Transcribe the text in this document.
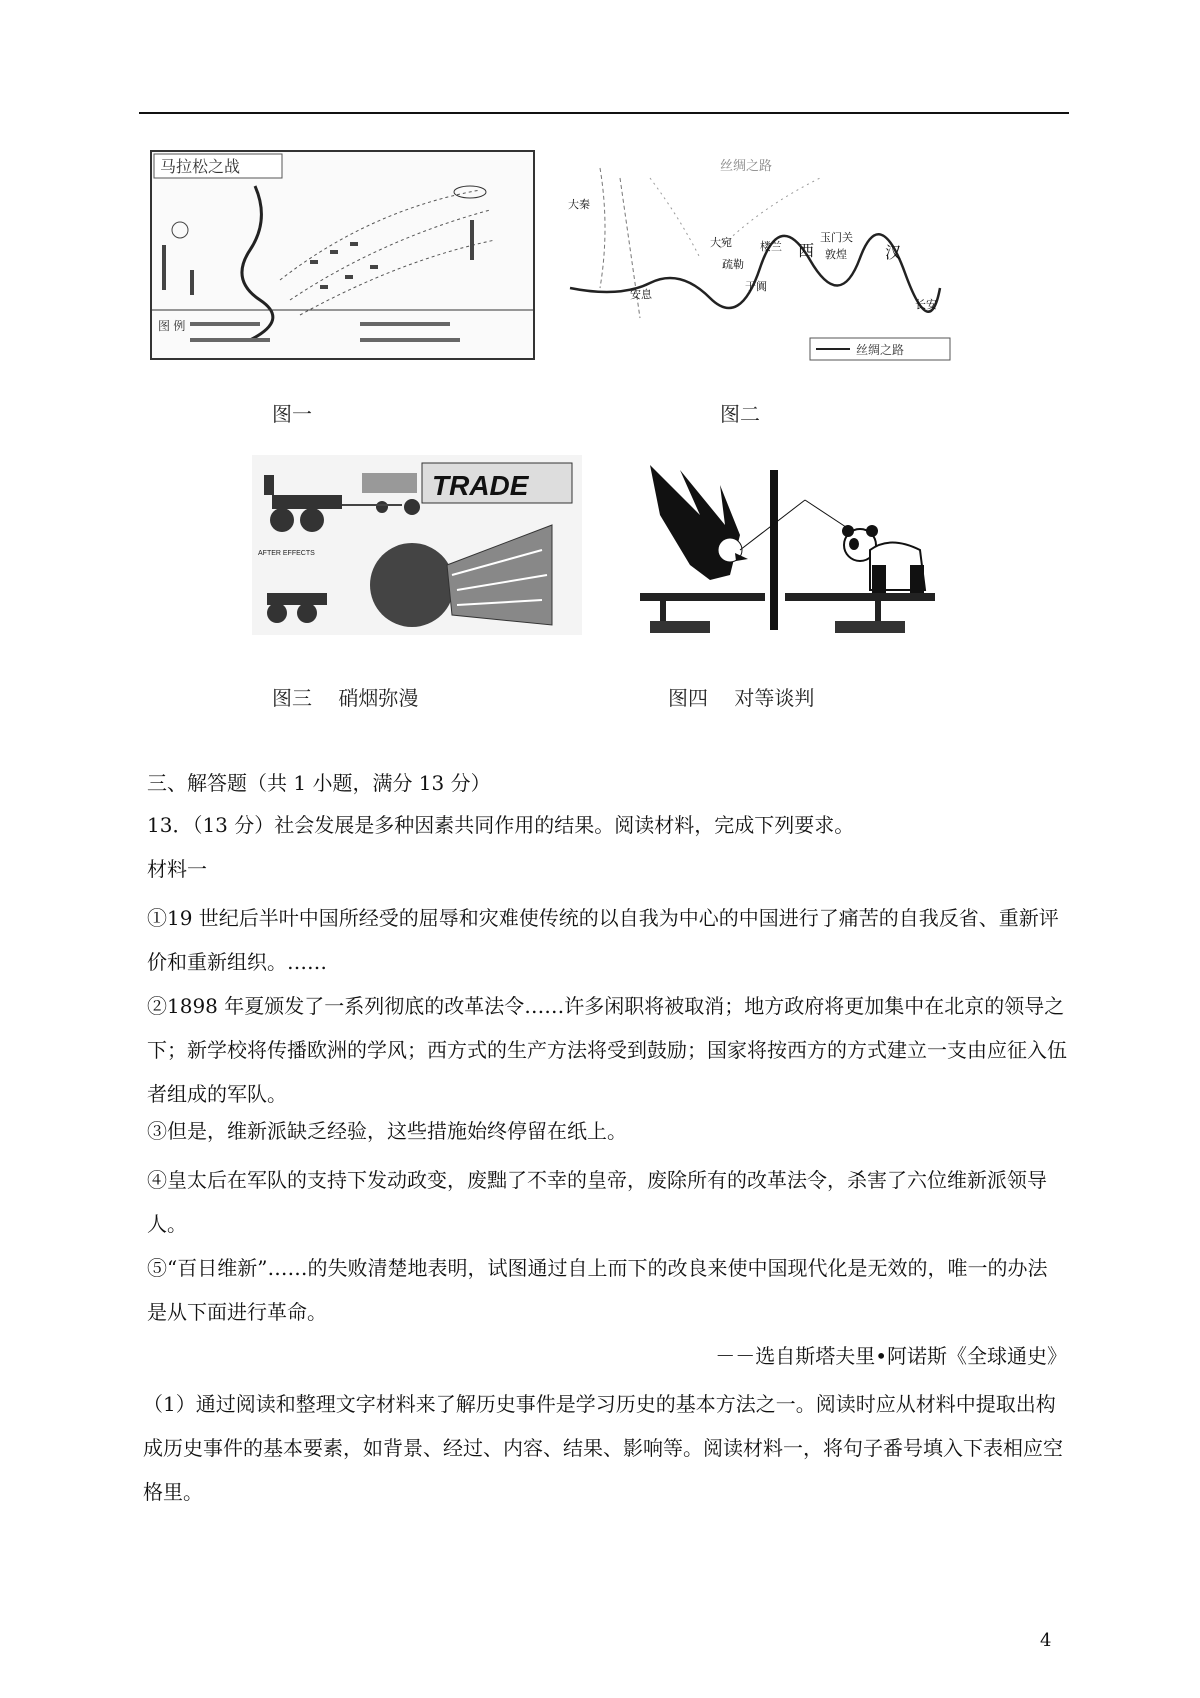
马拉松之战
图 例
图一
丝绸之路
丝绸之路
长安
玉门关
敦煌
楼兰
大宛
疏勒
于阗
安息
大秦
西	汉
图二
TRADE
AFTER EFFECTS
图三　 硝烟弥漫	图四　 对等谈判

三、解答题（共 1 小题，满分 13 分）

13．（13 分）社会发展是多种因素共同作用的结果。阅读材料，完成下列要求。

材料一

①19 世纪后半叶中国所经受的屈辱和灾难使传统的以自我为中心的中国进行了痛苦的自我反省、重新评价和重新组织。……

②1898 年夏颁发了一系列彻底的改革法令……许多闲职将被取消；地方政府将更加集中在北京的领导之下；新学校将传播欧洲的学风；西方式的生产方法将受到鼓励；国家将按西方的方式建立一支由应征入伍者组成的军队。

③但是，维新派缺乏经验，这些措施始终停留在纸上。

④皇太后在军队的支持下发动政变，废黜了不幸的皇帝，废除所有的改革法令，杀害了六位维新派领导人。

⑤“百日维新”……的失败清楚地表明，试图通过自上而下的改良来使中国现代化是无效的，唯一的办法是从下面进行革命。

－－选自斯塔夫里•阿诺斯《全球通史》

（1）通过阅读和整理文字材料来了解历史事件是学习历史的基本方法之一。阅读时应从材料中提取出构成历史事件的基本要素，如背景、经过、内容、结果、影响等。阅读材料一，将句子番号填入下表相应空格里。

4
